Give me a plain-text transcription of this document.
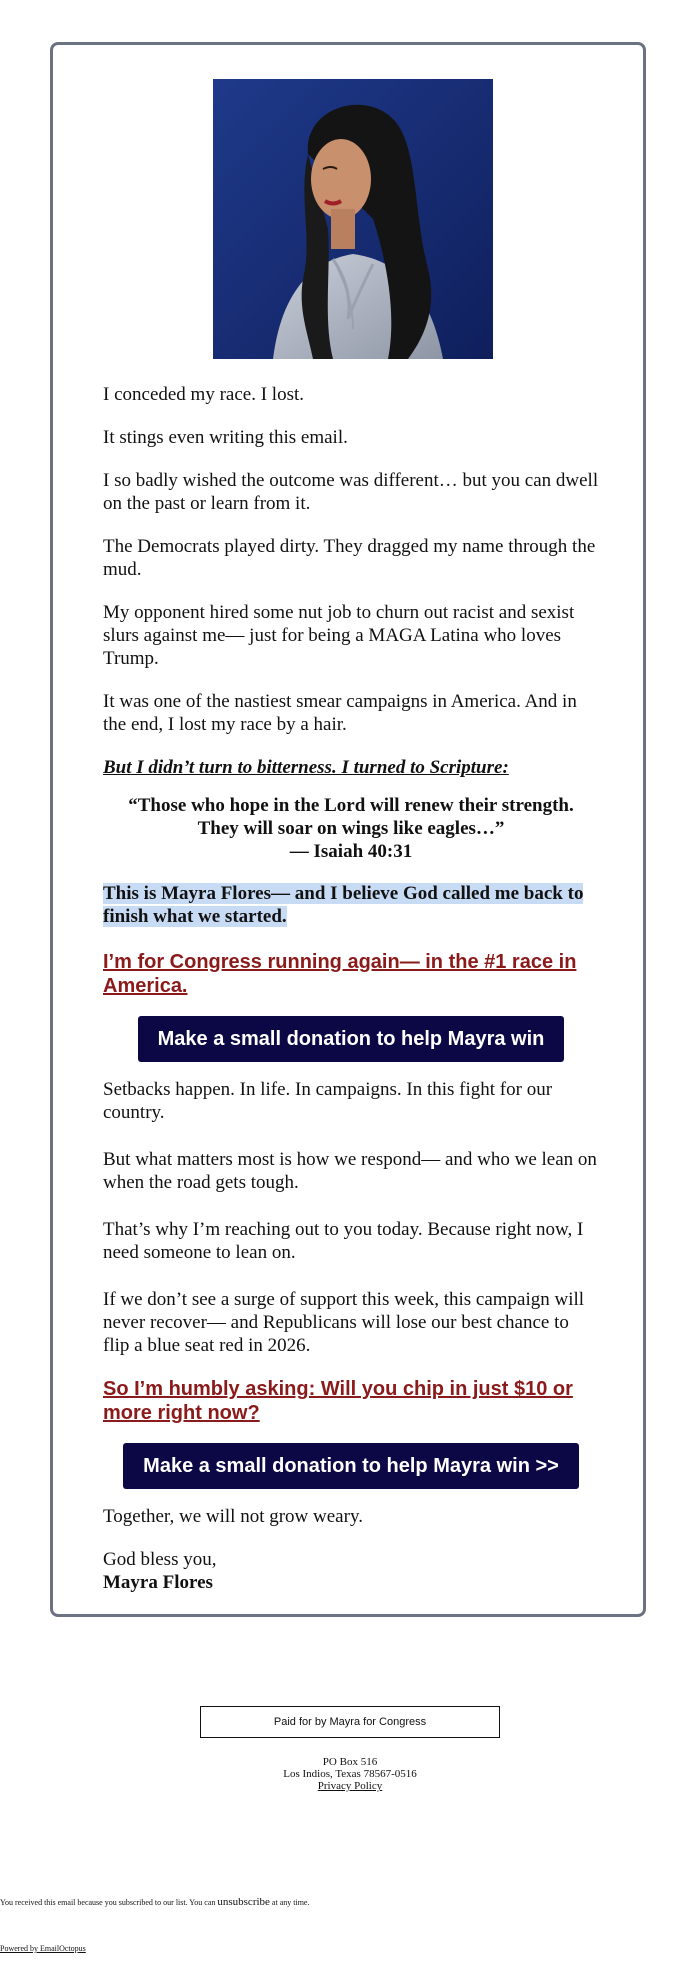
I conceded my race. I lost.

It stings even writing this email.

I so badly wished the outcome was different… but you can dwell on the past or learn from it.

The Democrats played dirty. They dragged my name through the mud.

My opponent hired some nut job to churn out racist and sexist slurs against me— just for being a MAGA Latina who loves Trump.

It was one of the nastiest smear campaigns in America. And in the end, I lost my race by a hair.

But I didn’t turn to bitterness. I turned to Scripture:

“Those who hope in the Lord will renew their strength.
They will soar on wings like eagles…”
— Isaiah 40:31
This is Mayra Flores— and I believe God called me back to finish what we started.
I’m for Congress running again— in the #1 race in America.
Make a small donation to help Mayra win

Setbacks happen. In life. In campaigns. In this fight for our country.

But what matters most is how we respond— and who we lean on when the road gets tough.

That’s why I’m reaching out to you today. Because right now, I need someone to lean on.

If we don’t see a surge of support this week, this campaign will never recover— and Republicans will lose our best chance to flip a blue seat red in 2026.

So I’m humbly asking: Will you chip in just $10 or more right now?
Make a small donation to help Mayra win >>

Together, we will not grow weary.

God bless you,

Mayra Flores

Paid for by Mayra for Congress
PO Box 516
Los Indios, Texas 78567-0516
Privacy Policy
You received this email because you subscribed to our list. You can unsubscribe at any time.
Powered by EmailOctopus
